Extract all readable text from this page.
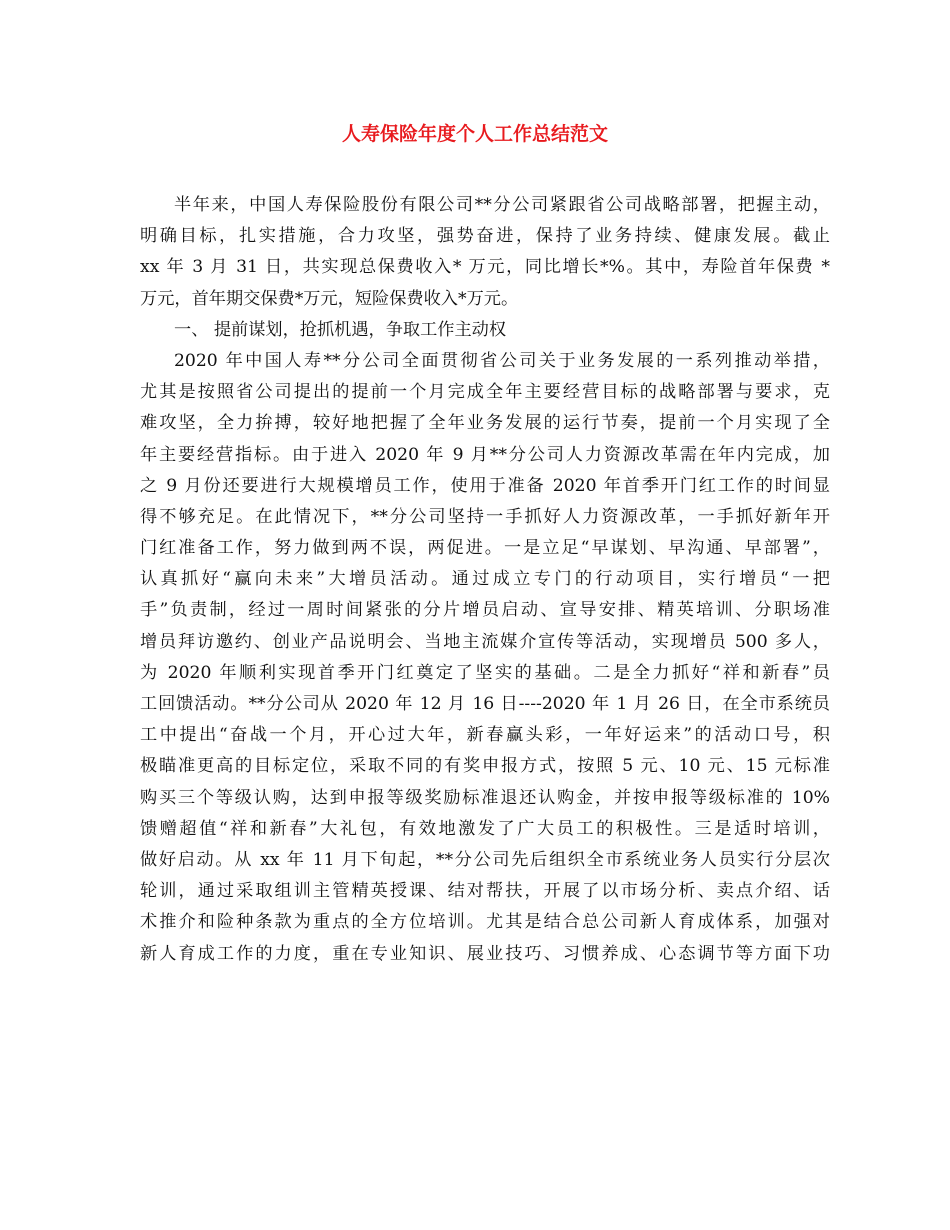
人寿保险年度个人工作总结范文
半年来，中国人寿保险股份有限公司**分公司紧跟省公司战略部署，把握主动，
明确目标，扎实措施，合力攻坚，强势奋进，保持了业务持续、健康发展。截止
xx 年 3 月 31 日，共实现总保费收入* 万元，同比增长*%。其中，寿险首年保费 *
万元，首年期交保费*万元，短险保费收入*万元。
一、 提前谋划，抢抓机遇，争取工作主动权
2020 年中国人寿**分公司全面贯彻省公司关于业务发展的一系列推动举措，
尤其是按照省公司提出的提前一个月完成全年主要经营目标的战略部署与要求，克
难攻坚，全力拚搏，较好地把握了全年业务发展的运行节奏，提前一个月实现了全
年主要经营指标。由于进入 2020 年 9 月**分公司人力资源改革需在年内完成，加
之 9 月份还要进行大规模增员工作，使用于准备 2020 年首季开门红工作的时间显
得不够充足。在此情况下，**分公司坚持一手抓好人力资源改革，一手抓好新年开
门红准备工作，努力做到两不误，两促进。一是立足“早谋划、早沟通、早部署”，
认真抓好“赢向未来”大增员活动。通过成立专门的行动项目，实行增员“一把
手”负责制，经过一周时间紧张的分片增员启动、宣导安排、精英培训、分职场准
增员拜访邀约、创业产品说明会、当地主流媒介宣传等活动，实现增员 500 多人，
为 2020 年顺利实现首季开门红奠定了坚实的基础。二是全力抓好“祥和新春”员
工回馈活动。**分公司从 2020 年 12 月 16 日----2020 年 1 月 26 日，在全市系统员
工中提出“奋战一个月，开心过大年，新春赢头彩，一年好运来”的活动口号，积
极瞄准更高的目标定位，采取不同的有奖申报方式，按照 5 元、10 元、15 元标准
购买三个等级认购，达到申报等级奖励标准退还认购金，并按申报等级标准的 10%
馈赠超值“祥和新春”大礼包，有效地激发了广大员工的积极性。三是适时培训，
做好启动。从 xx 年 11 月下旬起，**分公司先后组织全市系统业务人员实行分层次
轮训，通过采取组训主管精英授课、结对帮扶，开展了以市场分析、卖点介绍、话
术推介和险种条款为重点的全方位培训。尤其是结合总公司新人育成体系，加强对
新人育成工作的力度，重在专业知识、展业技巧、习惯养成、心态调节等方面下功
